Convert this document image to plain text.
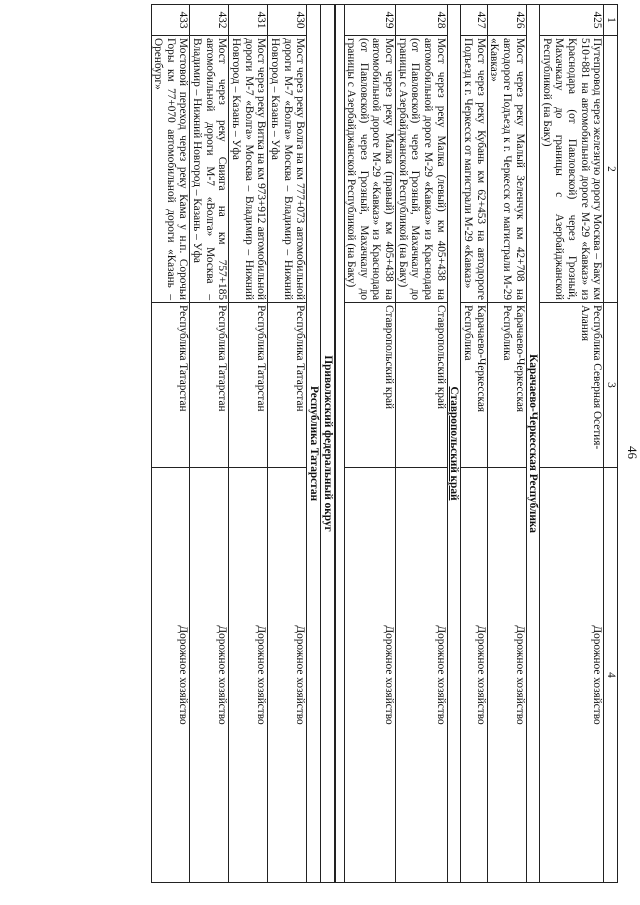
46
1	2	3	4
425	Путепровод через железную дорогу Москва – Баку км 510+881 на автомобильной дороге М-29 «Кавказ» из Краснодара (от Павловской) через Грозный, Махачкалу до границы с Азербайджанской Республикой (на Баку)	Республика Северная Осетия-Алания	Дорожное хозяйство
Карачаево-Черкесская Республика			
426	Мост через реку Малый Зеленчук км 42+708 на автодороге Подъезд к г. Черкесск от магистрали М-29 «Кавказ»	Карачаево-Черкесская Республика	Дорожное хозяйство
427	Мост через реку Кубань км 62+453 на автодороге Подъезд к г. Черкесск от магистрали М-29 «Кавказ»	Карачаево-Черкесская Республика	Дорожное хозяйство
Ставропольский край			
428	Мост через реку Малка (левый) км 405+438 на автомобильной дороге М-29 «Кавказ» из Краснодара (от Павловской) через Грозный, Махачкалу до границы с Азербайджанской Республикой (на Баку)	Ставропольский край	Дорожное хозяйство
429	Мост через реку Малка (правый) км 405+438 на автомобильной дороге М-29 «Кавказ» из Краснодара (от Павловской) через Грозный, Махачкалу до границы с Азербайджанской Республикой (на Баку)	Ставропольский край	Дорожное хозяйство

Приволжский федеральный округ			
Республика Татарстан			
430	Мост через реку Волга на км 777+073 автомобильной дороги М-7 «Волга» Москва – Владимир – Нижний Новгород – Казань – Уфа	Республика Татарстан	Дорожное хозяйство
431	Мост через реку Витка на км 973+912 автомобильной дороги М-7 «Волга» Москва – Владимир – Нижний Новгород – Казань – Уфа	Республика Татарстан	Дорожное хозяйство
432	Мост через реку Свияга на км 757+185 автомобильной дороги М-7 «Волга» Москва – Владимир – Нижний Новгород – Казань – Уфа	Республика Татарстан	Дорожное хозяйство
433	Мостовой переход через реку Кама у н.п. Сорочьи Горы км 77+070 автомобильной дороги «Казань – Оренбург»	Республика Татарстан	Дорожное хозяйство
